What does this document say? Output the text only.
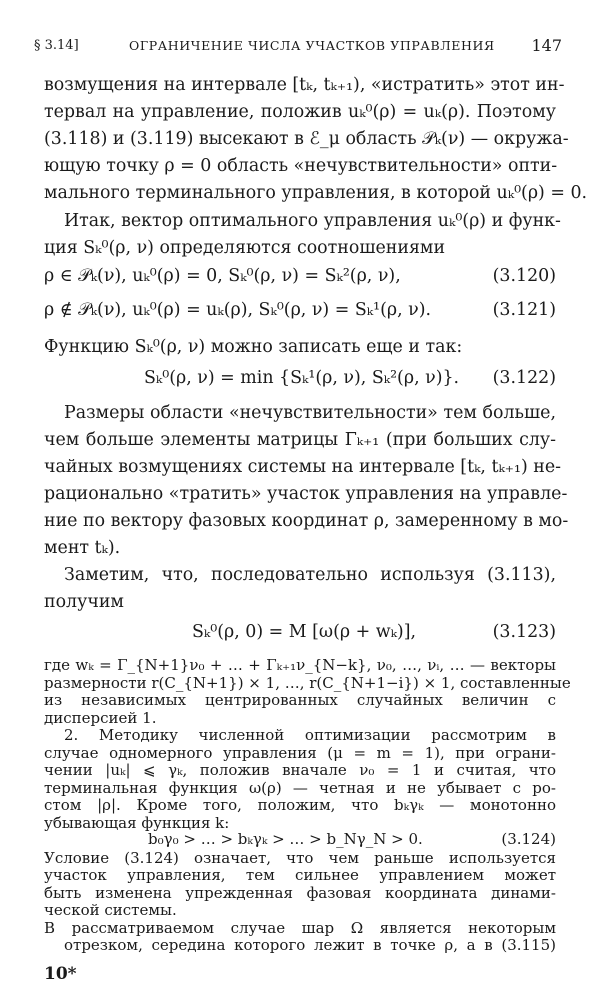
§ 3.14]	ОГРАНИЧЕНИЕ ЧИСЛА УЧАСТКОВ УПРАВЛЕНИЯ 147
возмущения на интервале [tₖ, tₖ₊₁), «истратить» этот ин-
тервал на управление, положив uₖ⁰(ρ) = uₖ(ρ). Поэтому
(3.118) и (3.119) высекают в ℰ_μ область 𝒫ₖ(ν) — окружа-
ющую точку ρ = 0 область «нечувствительности» опти-
мального терминального управления, в которой uₖ⁰(ρ) = 0.
Итак, вектор оптимального управления uₖ⁰(ρ) и функ-
ция Sₖ⁰(ρ, ν) определяются соотношениями
ρ ∈ 𝒫ₖ(ν), uₖ⁰(ρ) = 0, Sₖ⁰(ρ, ν) = Sₖ²(ρ, ν),	(3.120)
ρ ∉ 𝒫ₖ(ν), uₖ⁰(ρ) = uₖ(ρ), Sₖ⁰(ρ, ν) = Sₖ¹(ρ, ν).	(3.121)
Функцию Sₖ⁰(ρ, ν) можно записать еще и так:
Sₖ⁰(ρ, ν) = min {Sₖ¹(ρ, ν), Sₖ²(ρ, ν)}. (3.122)
Размеры области «нечувствительности» тем больше,
чем больше элементы матрицы Γₖ₊₁ (при больших слу-
чайных возмущениях системы на интервале [tₖ, tₖ₊₁) не-
рационально «тратить» участок управления на управле-
ние по вектору фазовых координат ρ, замеренному в мо-
мент tₖ).
Заметим, что, последовательно используя (3.113),
получим
Sₖ⁰(ρ, 0) = M [ω(ρ + wₖ)],	(3.123)
b₀γ₀ > … > bₖγₖ > … > b_Nγ_N > 0.	(3.124)
10*
где wₖ = Γ_{N+1}ν₀ + … + Γₖ₊₁ν_{N−k}, ν₀, …, νᵢ, … — векторы
размерности r(C_{N+1}) × 1, …, r(C_{N+1−i}) × 1, составленные
из независимых центрированных случайных величин с
дисперсией 1.
2. Методику численной оптимизации рассмотрим в
случае одномерного управления (μ = m = 1), при ограни-
чении |uₖ| ⩽ γₖ, положив вначале ν₀ = 1 и считая, что
терминальная функция ω(ρ) — четная и не убывает с ро-
стом |ρ|. Кроме того, положим, что bₖγₖ — монотонно
убывающая функция k:
Условие (3.124) означает, что чем раньше используется
участок управления, тем сильнее управлением может
быть изменена упрежденная фазовая координата динами-
ческой системы.
В рассматриваемом случае шар Ω является некоторым
отрезком, середина которого лежит в точке ρ, а в (3.115)
